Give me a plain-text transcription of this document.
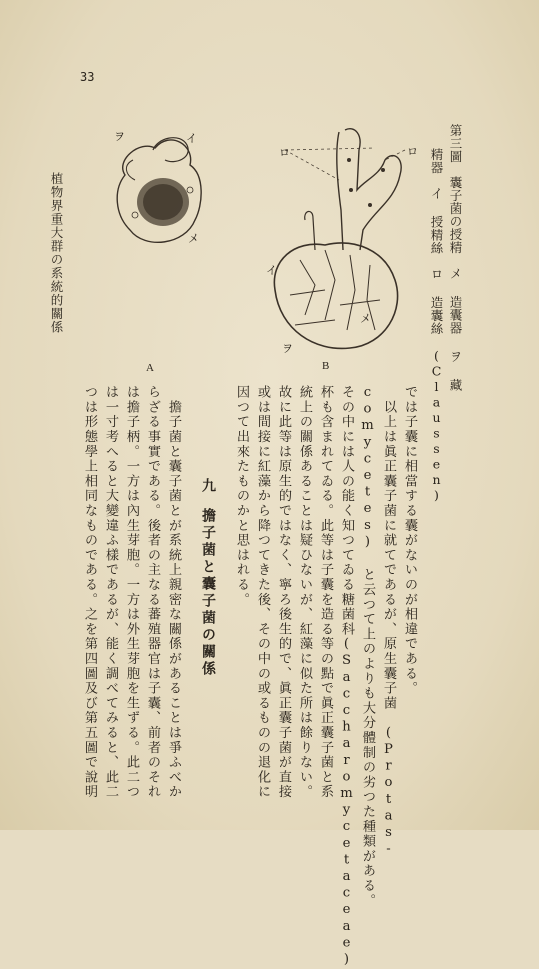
33
植物界重大群の系統的關係
ヲ	イ
メ
A
ロ	ロ
イ
ヲ
メ
B	第三圖　囊子菌の授精　メ 造囊器 ヲ 藏
精器　イ 授精絲　ロ 造囊絲　(Claussen)
では子囊に相當する囊がないのが相違である。
　以上は眞正囊子菌に就てであるが、原生囊子菌　(Protas-
comycetes) と云つて上のよりも大分體制の劣つた種類がある。
その中には人の能く知つてゐる糖菌科(Saccharomycetaceae)
杯も含まれてゐる。此等は子囊を造る等の點で眞正囊子菌と系
統上の關係あることは疑ひないが、紅藻に似た所は餘りない。
故に此等は原生的ではなく、寧ろ後生的で、眞正囊子菌が直接
或は間接に紅藻から降つてきた後、その中の或るものの退化に
因つて出來たものかと思はれる。
九
擔子菌と囊子菌の關係
　擔子菌と囊子菌とが系統上親密な關係があることは爭ふべか
らざる事實である。後者の主なる蕃殖器官は子囊、前者のそれ
は擔子柄。一方は內生芽胞。一方は外生芽胞を生ずる。此二つ
は一寸考へると大變違ふ樣であるが、能く調べてみると、此二
つは形態學上相同なものである。之を第四圖及び第五圖で說明
